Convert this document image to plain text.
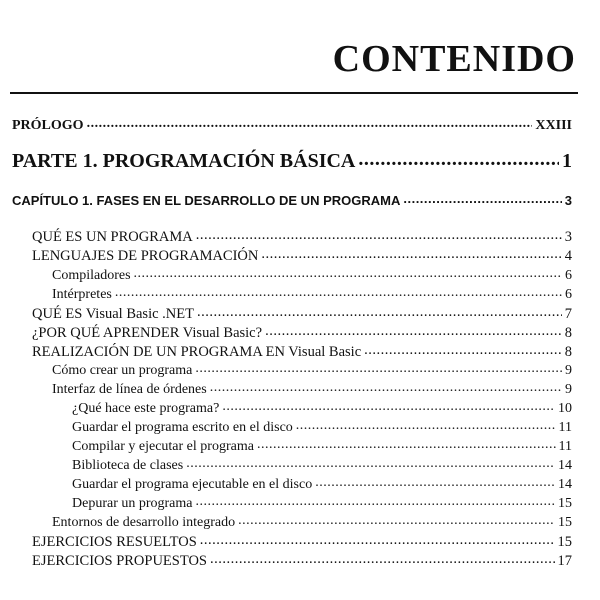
CONTENIDO
PRÓLOGO .....	XXIII
PARTE 1. PROGRAMACIÓN BÁSICA .....	1
CAPÍTULO 1. FASES EN EL DESARROLLO DE UN PROGRAMA .....	3
QUÉ ES UN PROGRAMA .....	3
LENGUAJES DE PROGRAMACIÓN .....	4
Compiladores .....	6
Intérpretes .....	6
QUÉ ES Visual Basic .NET .....	7
¿POR QUÉ APRENDER Visual Basic? .....	8
REALIZACIÓN DE UN PROGRAMA EN Visual Basic .....	8
Cómo crear un programa .....	9
Interfaz de línea de órdenes .....	9
¿Qué hace este programa? .....	10
Guardar el programa escrito en el disco .....	11
Compilar y ejecutar el programa .....	11
Biblioteca de clases .....	14
Guardar el programa ejecutable en el disco .....	14
Depurar un programa .....	15
Entornos de desarrollo integrado .....	15
EJERCICIOS RESUELTOS .....	15
EJERCICIOS PROPUESTOS .....	17
